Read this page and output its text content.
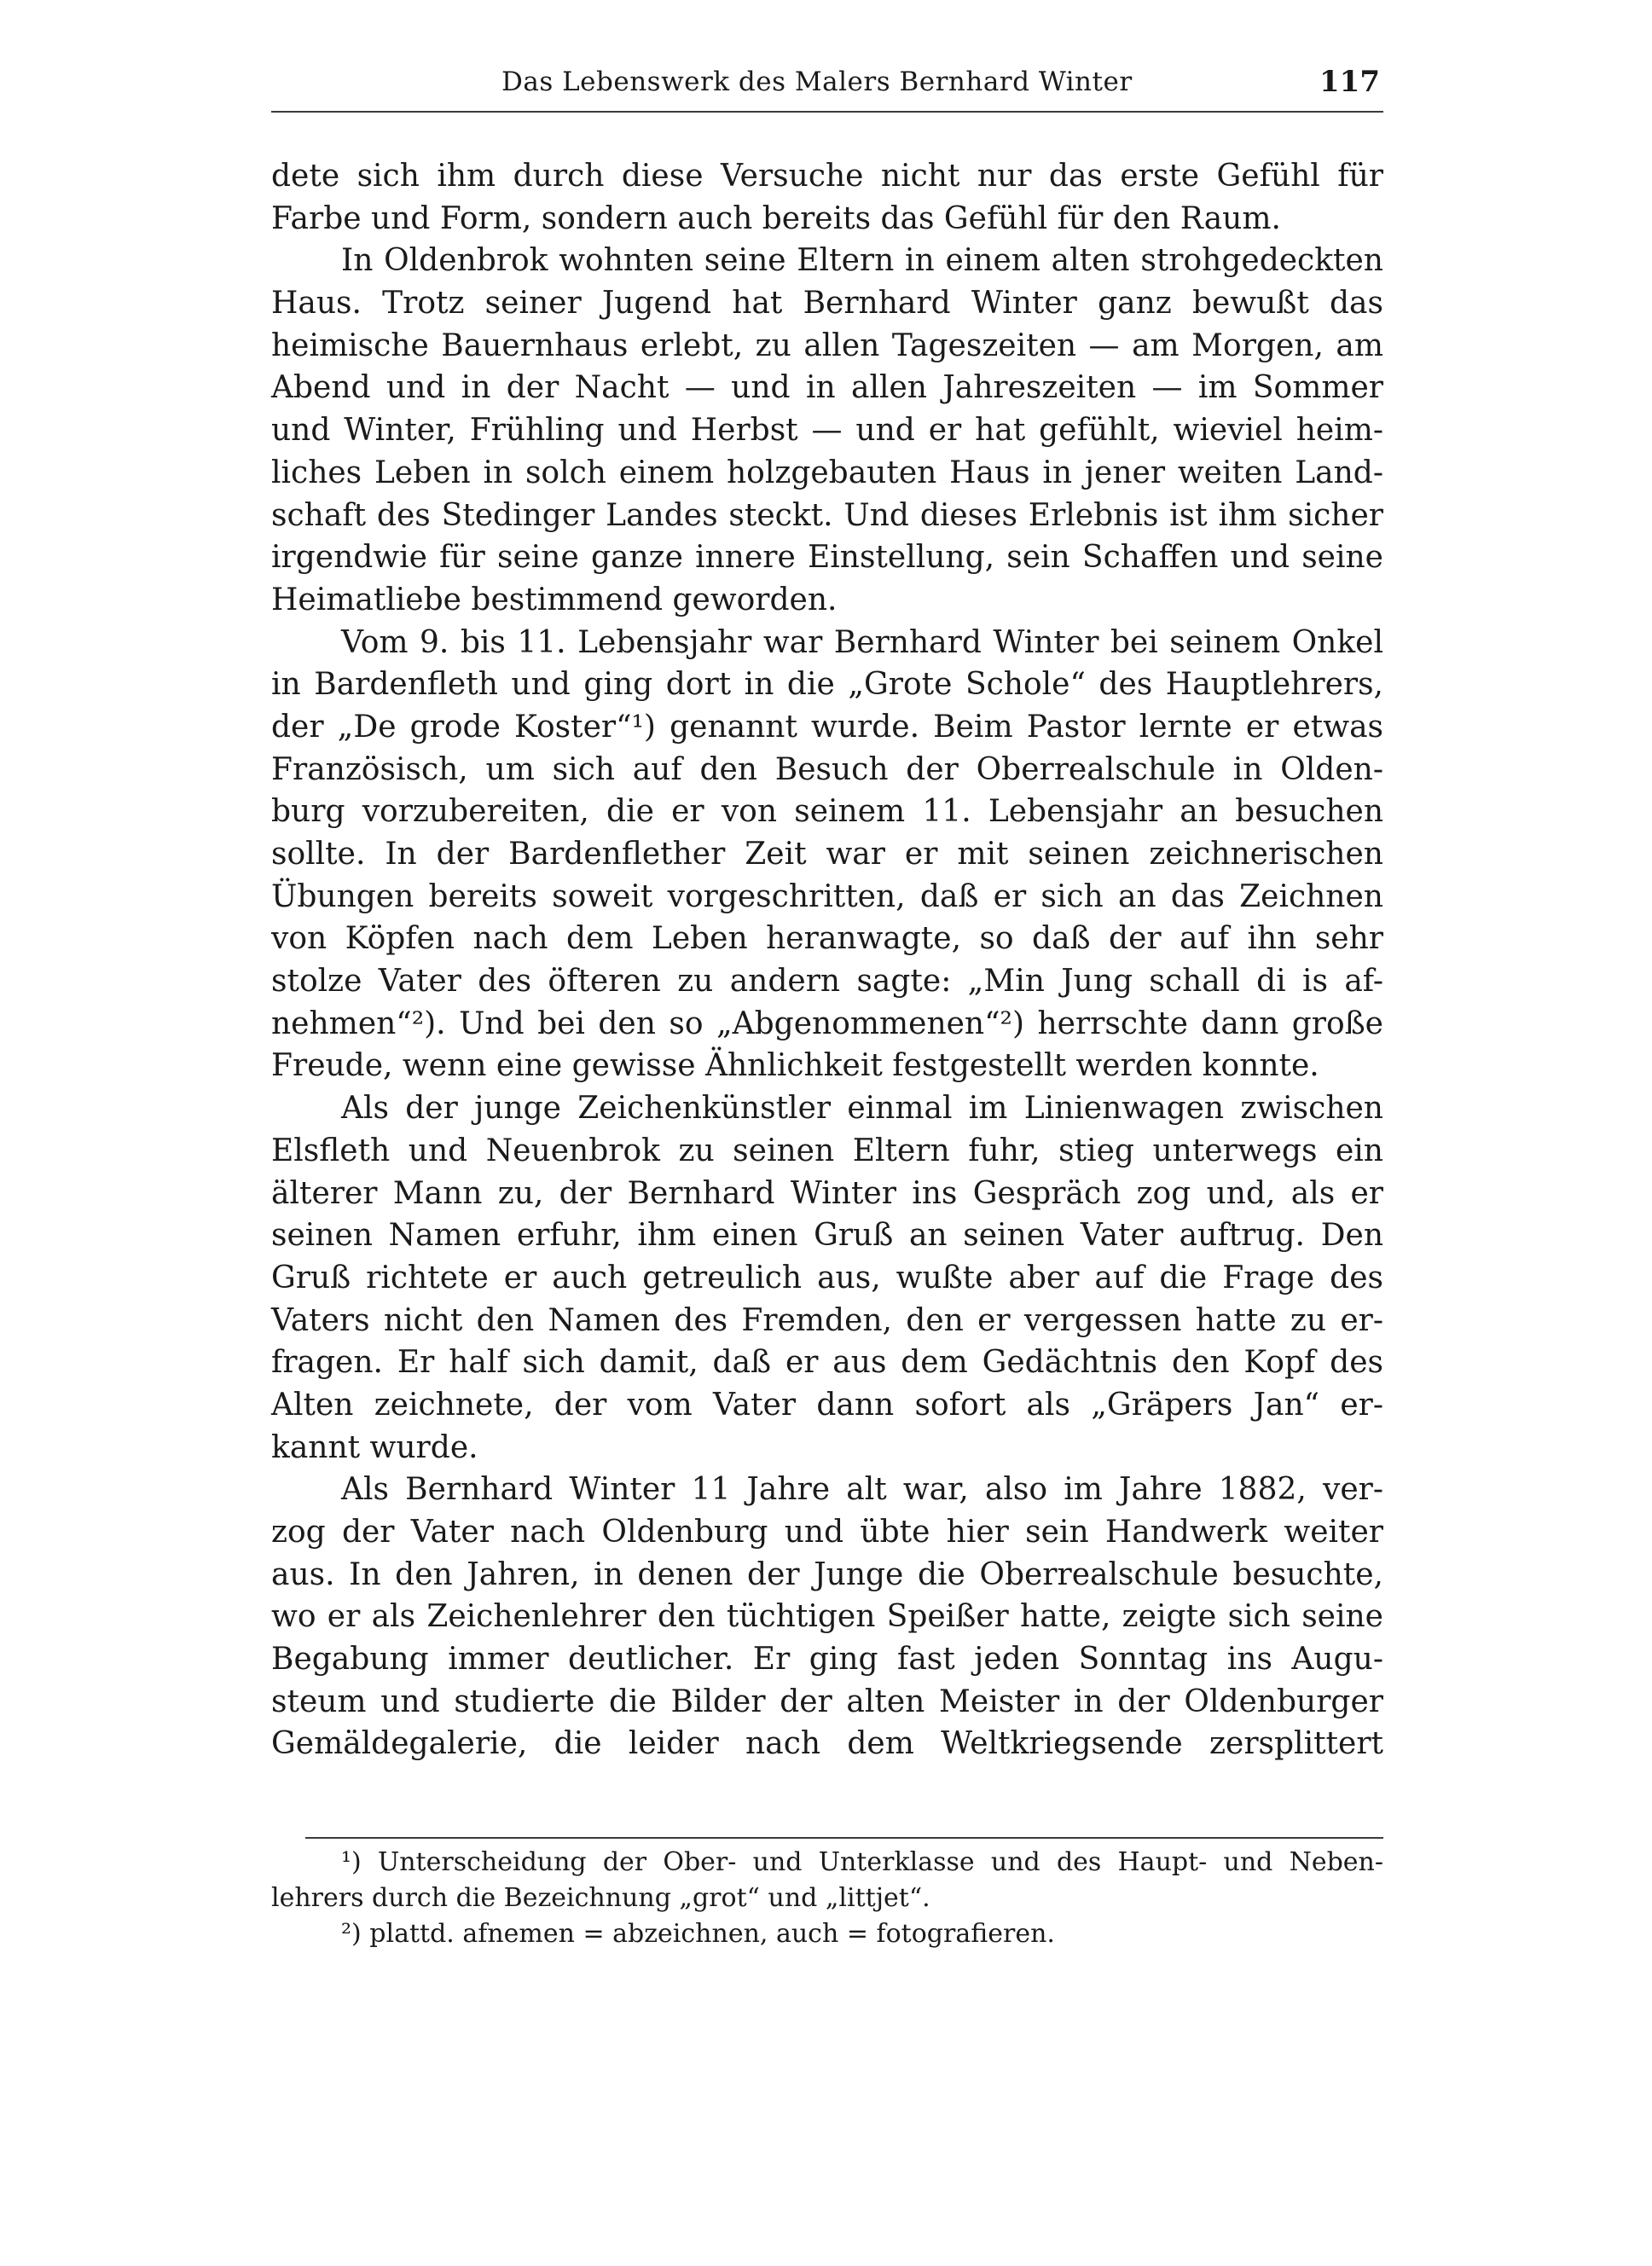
Das Lebenswerk des Malers Bernhard Winter	117
dete sich ihm durch diese Versuche nicht nur das erste Gefühl für
Farbe und Form, sondern auch bereits das Gefühl für den Raum.
In Oldenbrok wohnten seine Eltern in einem alten strohgedeckten
Haus. Trotz seiner Jugend hat Bernhard Winter ganz bewußt das
heimische Bauernhaus erlebt, zu allen Tageszeiten — am Morgen, am
Abend und in der Nacht — und in allen Jahreszeiten — im Sommer
und Winter, Frühling und Herbst — und er hat gefühlt, wieviel heim-
liches Leben in solch einem holzgebauten Haus in jener weiten Land-
schaft des Stedinger Landes steckt. Und dieses Erlebnis ist ihm sicher
irgendwie für seine ganze innere Einstellung, sein Schaffen und seine
Heimatliebe bestimmend geworden.
Vom 9. bis 11. Lebensjahr war Bernhard Winter bei seinem Onkel
in Bardenfleth und ging dort in die „Grote Schole“ des Hauptlehrers,
der „De grode Koster“¹) genannt wurde. Beim Pastor lernte er etwas
Französisch, um sich auf den Besuch der Oberrealschule in Olden-
burg vorzubereiten, die er von seinem 11. Lebensjahr an besuchen
sollte. In der Bardenflether Zeit war er mit seinen zeichnerischen
Übungen bereits soweit vorgeschritten, daß er sich an das Zeichnen
von Köpfen nach dem Leben heranwagte, so daß der auf ihn sehr
stolze Vater des öfteren zu andern sagte: „Min Jung schall di is af-
nehmen“²). Und bei den so „Abgenommenen“²) herrschte dann große
Freude, wenn eine gewisse Ähnlichkeit festgestellt werden konnte.
Als der junge Zeichenkünstler einmal im Linienwagen zwischen
Elsfleth und Neuenbrok zu seinen Eltern fuhr, stieg unterwegs ein
älterer Mann zu, der Bernhard Winter ins Gespräch zog und, als er
seinen Namen erfuhr, ihm einen Gruß an seinen Vater auftrug. Den
Gruß richtete er auch getreulich aus, wußte aber auf die Frage des
Vaters nicht den Namen des Fremden, den er vergessen hatte zu er-
fragen. Er half sich damit, daß er aus dem Gedächtnis den Kopf des
Alten zeichnete, der vom Vater dann sofort als „Gräpers Jan“ er-
kannt wurde.
Als Bernhard Winter 11 Jahre alt war, also im Jahre 1882, ver-
zog der Vater nach Oldenburg und übte hier sein Handwerk weiter
aus. In den Jahren, in denen der Junge die Oberrealschule besuchte,
wo er als Zeichenlehrer den tüchtigen Speißer hatte, zeigte sich seine
Begabung immer deutlicher. Er ging fast jeden Sonntag ins Augu-
steum und studierte die Bilder der alten Meister in der Oldenburger
Gemäldegalerie, die leider nach dem Weltkriegsende zersplittert
¹) Unterscheidung der Ober- und Unterklasse und des Haupt- und Neben-
lehrers durch die Bezeichnung „grot“ und „littjet“.
²) plattd. afnemen = abzeichnen, auch = fotografieren.
